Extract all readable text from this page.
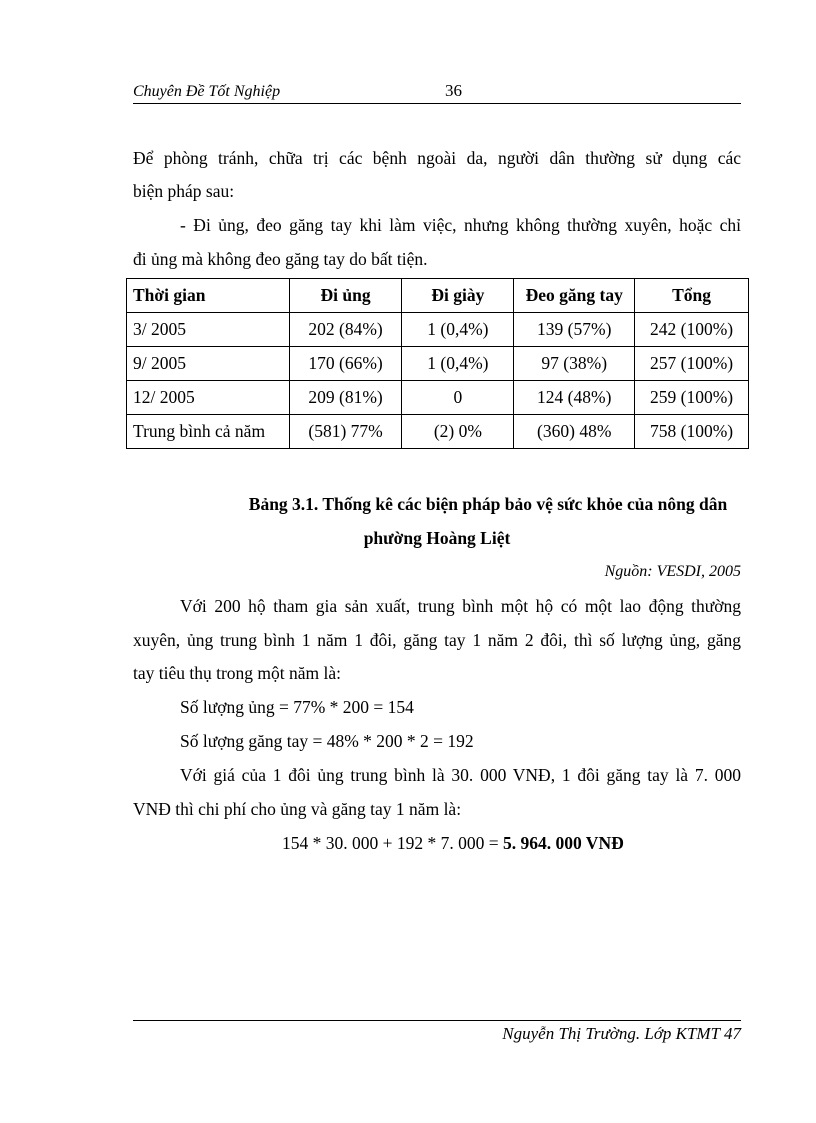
Chuyên Đề Tốt Nghiệp	36
Để phòng tránh, chữa trị các bệnh ngoài da, người dân thường sử dụng các
biện pháp sau:
- Đi ủng, đeo găng tay khi làm việc, nhưng không thường xuyên, hoặc chỉ
đi ủng mà không đeo găng tay do bất tiện.
Thời gian	Đi ủng	Đi giày	Đeo găng tay	Tổng
3/ 2005	202 (84%)	1 (0,4%)	139 (57%)	242 (100%)
9/ 2005	170 (66%)	1 (0,4%)	97 (38%)	257 (100%)
12/ 2005	209 (81%)	0	124 (48%)	259 (100%)
Trung bình cả năm	(581) 77%	(2) 0%	(360) 48%	758 (100%)
Bảng 3.1. Thống kê các biện pháp bảo vệ sức khỏe của nông dân
phường Hoàng Liệt
Nguồn: VESDI, 2005
Với 200 hộ tham gia sản xuất, trung bình một hộ có một lao động thường
xuyên, ủng trung bình 1 năm 1 đôi, găng tay 1 năm 2 đôi, thì số lượng ủng, găng
tay tiêu thụ trong một năm là:
Số lượng ủng = 77% * 200 = 154
Số lượng găng tay = 48% * 200 * 2 = 192
Với giá của 1 đôi ủng trung bình là 30. 000 VNĐ, 1 đôi găng tay là 7. 000
VNĐ thì chi phí cho ủng và găng tay 1 năm là:
154 * 30. 000 + 192 * 7. 000 = 5. 964. 000 VNĐ
Nguyễn Thị Trường. Lớp KTMT 47
